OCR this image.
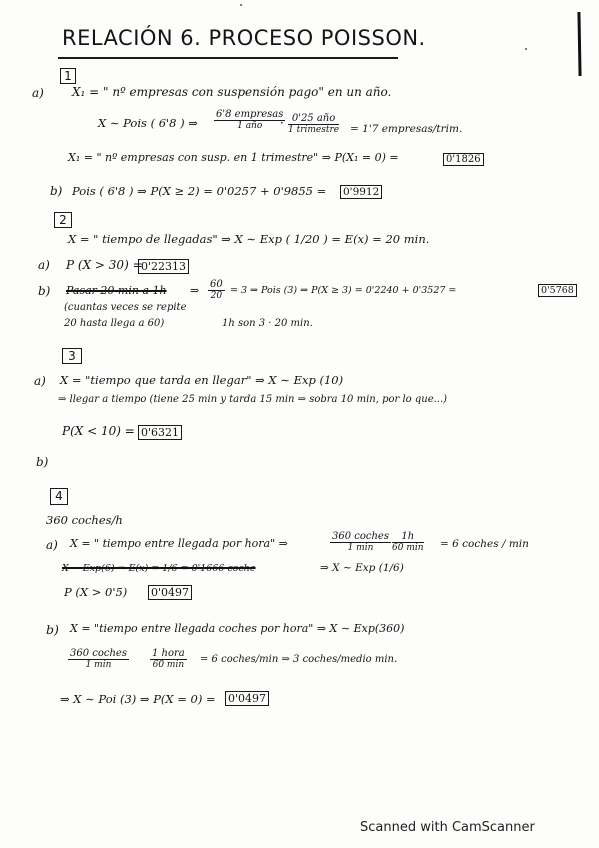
RELACIÓN 6. PROCESO POISSON.
1
a) X₁ = " nº empresas con suspensión pago" en un año.
X ∼ Pois ( 6'8 ) ⇒
6'8 empresas
1 año	· 0'25 año
1 trimestre = 1'7 empresas/trim.
X₁ = " nº empresas con susp. en 1 trimestre" ⇒ P(X₁ = 0) =	0'1826
b) Pois ( 6'8 ) ⇒ P(X ≥ 2) = 0'0257 + 0'9855 = 0'9912
2
X = " tiempo de llegadas" ⇒ X ∼ Exp ( 1/20 ) = E(x) = 20 min.
a) P (X > 30) =
0'22313
b) Pasar 20 min a 1h ⇒ $\frac{60}{20} = 3$ ⇒ Pois (3) ⇒ P(X ≥ 3) = 0'2240 + 0'3527 =	0'5768
(cuantas veces se repite
20 hasta llega a 60)	1h son 3 · 20 min.
3
a) X = "tiempo que tarda en llegar" ⇒ X ∼ Exp (10)
⇒ llegar a tiempo (tiene 25 min y tarda 15 min ⇒ sobra 10 min, por lo que...)
P(X < 10) = 0'6321
b)
4
360 coches/h
a) X = " tiempo entre llegada por hora" ⇒
360 coches
1 min
1h
60 min = 6 coches / min
X ∼ Exp(6) ⇒ E(x) = 1/6 = 0'1666 coche	⇒ X ∼ Exp (1/6)
P (X > 0'5) 0'0497
b) X = "tiempo entre llegada coches por hora" ⇒ X ∼ Exp(360)
360 coches
1 min
1 hora
60 min = 6 coches/min ⇒ 3 coches/medio min.
⇒ X ∼ Poi (3) ⇒ P(X = 0) = 0'0497
Scanned with CamScanner
